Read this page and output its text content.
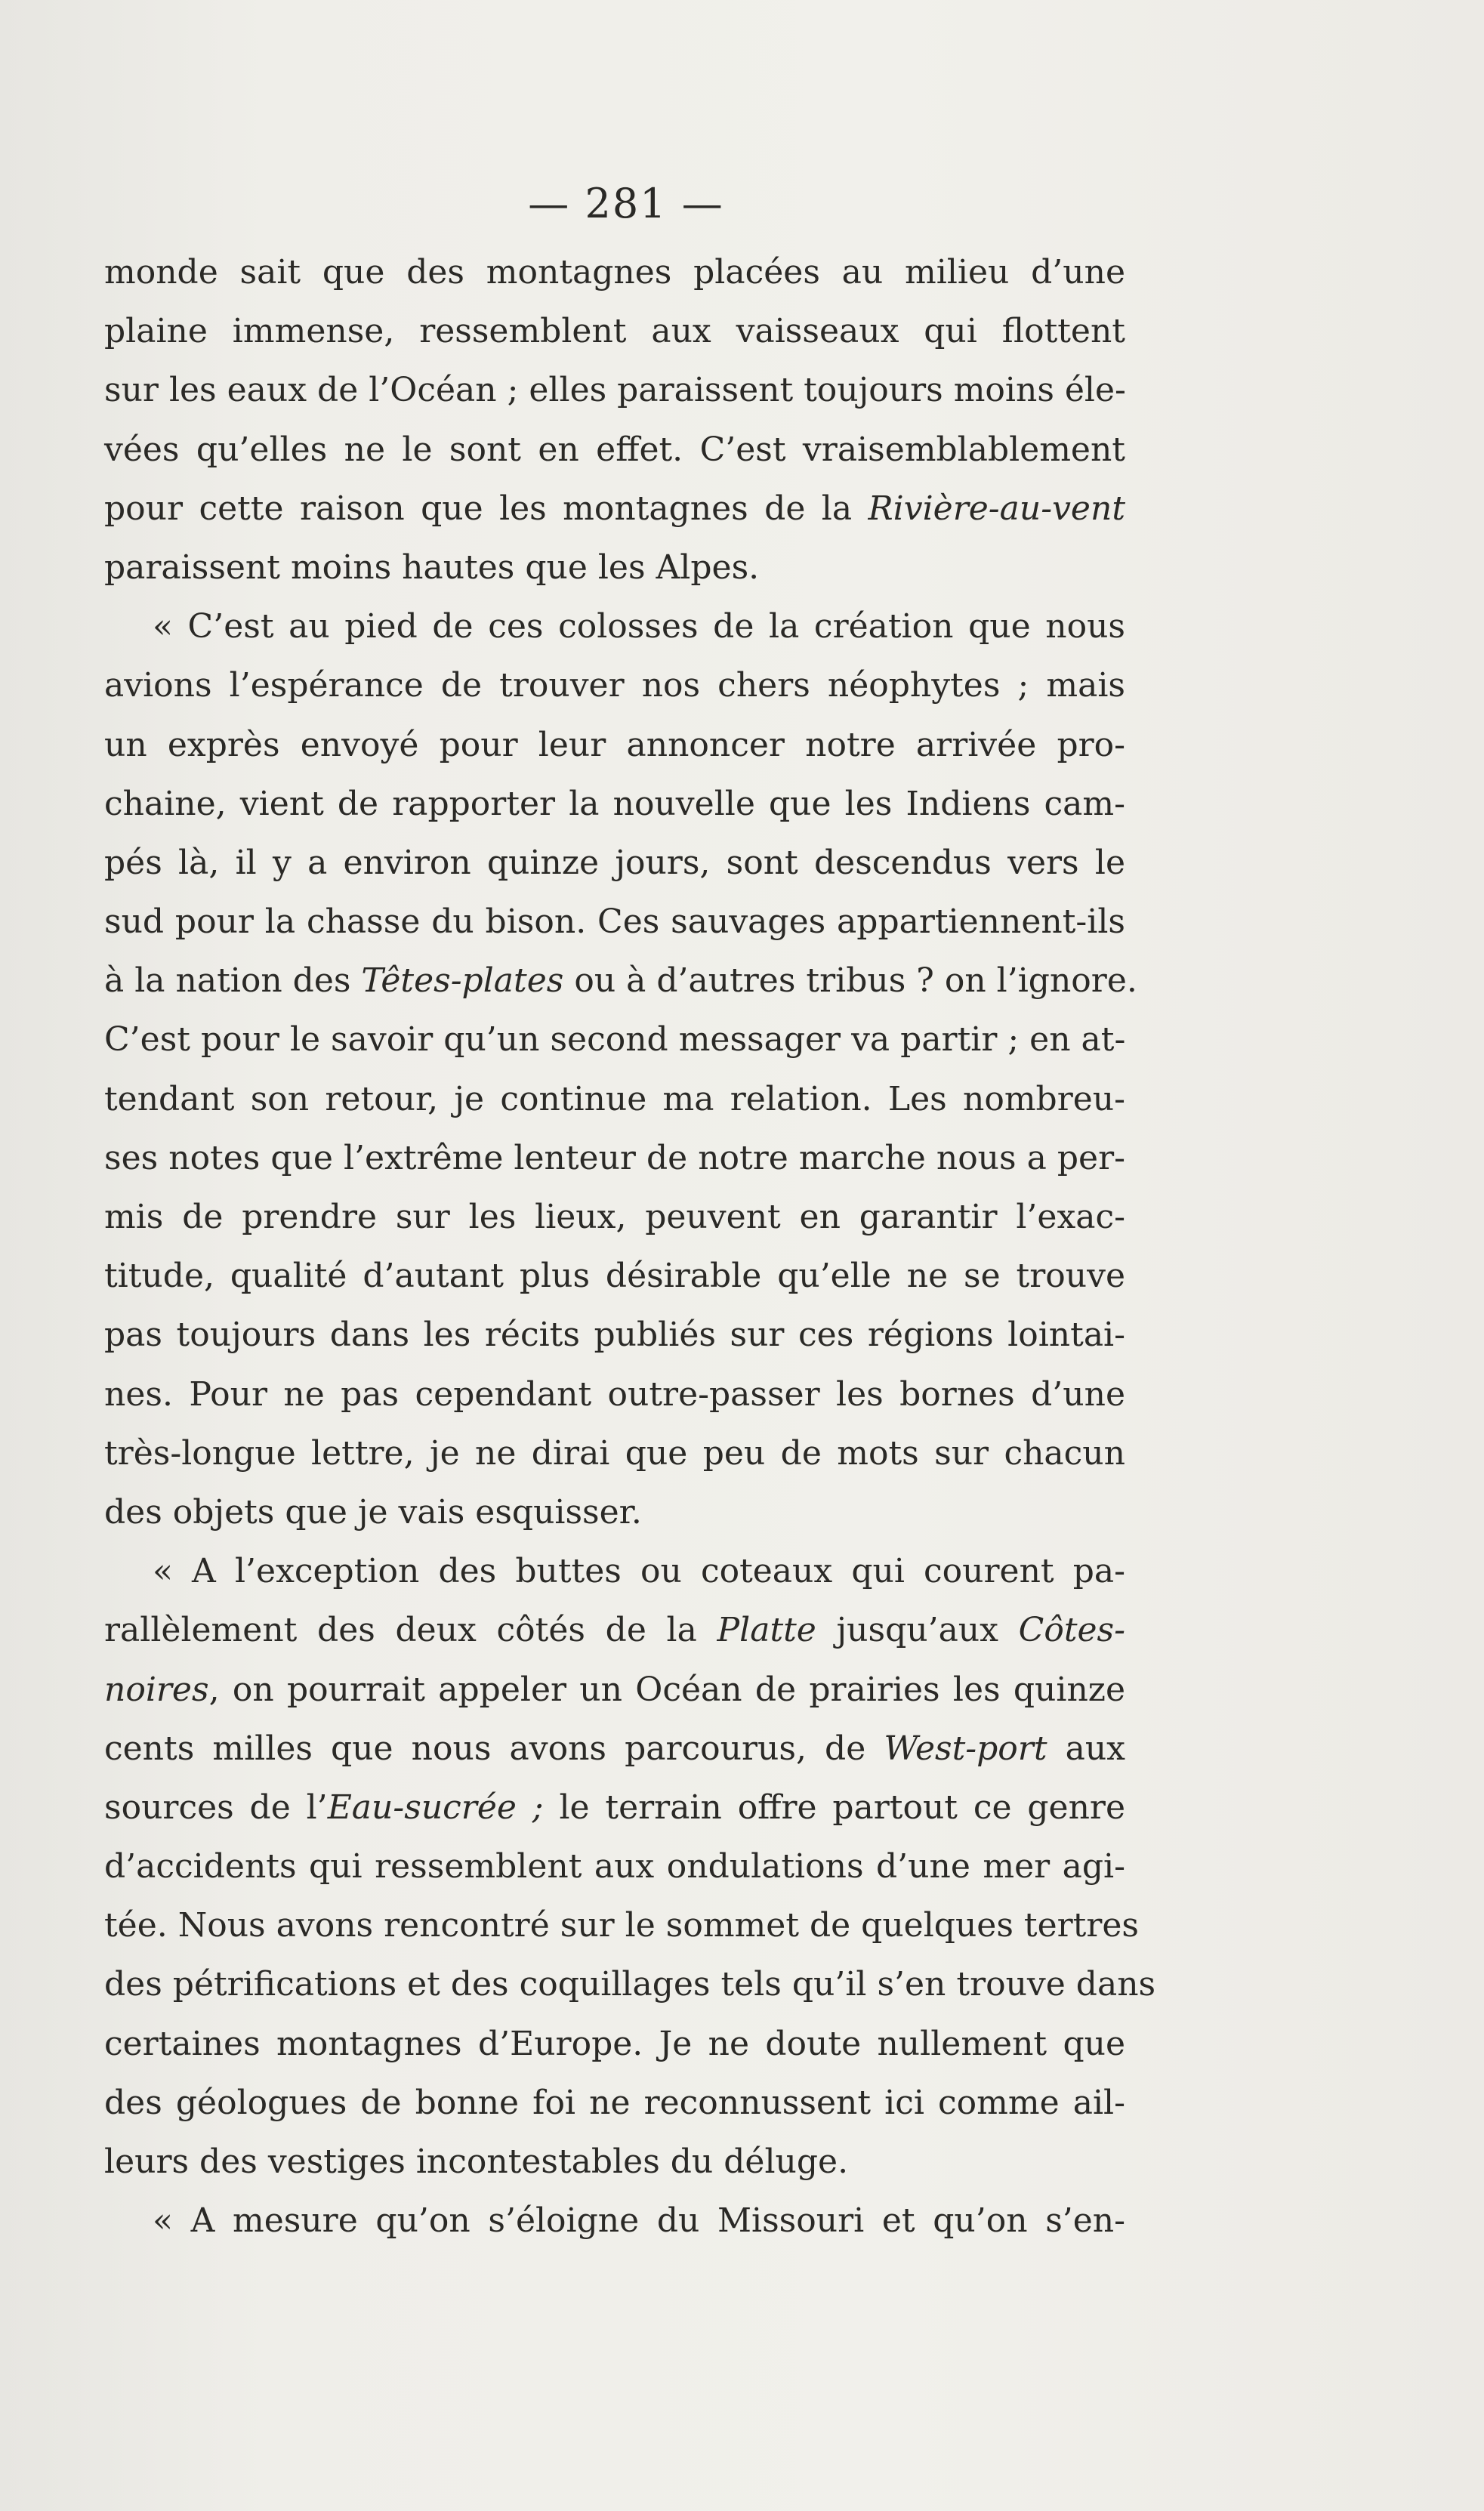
— 281 —
monde sait que des montagnes placées au milieu d’une
plaine immense, ressemblent aux vaisseaux qui flottent
sur les eaux de l’Océan ; elles paraissent toujours moins éle-
vées qu’elles ne le sont en effet. C’est vraisemblablement
pour cette raison que les montagnes de la Rivière-au-vent
paraissent moins hautes que les Alpes.
« C’est au pied de ces colosses de la création que nous
avions l’espérance de trouver nos chers néophytes ; mais
un exprès envoyé pour leur annoncer notre arrivée pro-
chaine, vient de rapporter la nouvelle que les Indiens cam-
pés là, il y a environ quinze jours, sont descendus vers le
sud pour la chasse du bison. Ces sauvages appartiennent-ils
à la nation des Têtes-plates ou à d’autres tribus ? on l’ignore.
C’est pour le savoir qu’un second messager va partir ; en at-
tendant son retour, je continue ma relation. Les nombreu-
ses notes que l’extrême lenteur de notre marche nous a per-
mis de prendre sur les lieux, peuvent en garantir l’exac-
titude, qualité d’autant plus désirable qu’elle ne se trouve
pas toujours dans les récits publiés sur ces régions lointai-
nes. Pour ne pas cependant outre-passer les bornes d’une
très-longue lettre, je ne dirai que peu de mots sur chacun
des objets que je vais esquisser.
« A l’exception des buttes ou coteaux qui courent pa-
rallèlement des deux côtés de la Platte jusqu’aux Côtes-
noires, on pourrait appeler un Océan de prairies les quinze
cents milles que nous avons parcourus, de West-port aux
sources de l’Eau-sucrée ; le terrain offre partout ce genre
d’accidents qui ressemblent aux ondulations d’une mer agi-
tée. Nous avons rencontré sur le sommet de quelques tertres
des pétrifications et des coquillages tels qu’il s’en trouve dans
certaines montagnes d’Europe. Je ne doute nullement que
des géologues de bonne foi ne reconnussent ici comme ail-
leurs des vestiges incontestables du déluge.
« A mesure qu’on s’éloigne du Missouri et qu’on s’en-
